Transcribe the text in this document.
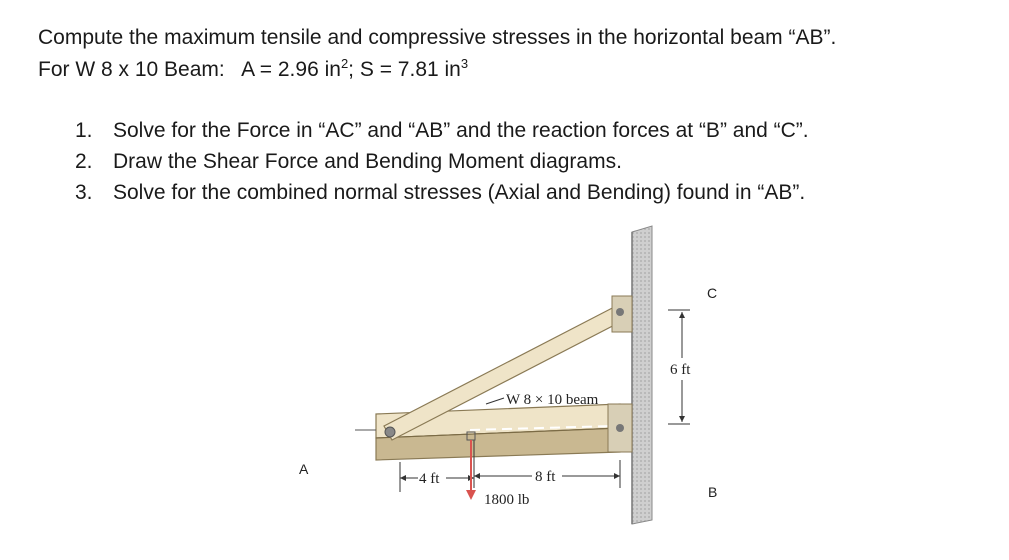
Compute the maximum tensile and compressive stresses in the horizontal beam “AB”.
For W 8 x 10 Beam: A = 2.96 $in^2$; S = 7.81 $in^3$
1. Solve for the Force in “AC” and “AB” and the reaction forces at “B” and “C”.
2. Draw the Shear Force and Bending Moment diagrams.
3. Solve for the combined normal stresses (Axial and Bending) found in “AB”.
4 ft	8 ft
6 ft
W 8 × 10 beam
1800 lb
A
B
C
